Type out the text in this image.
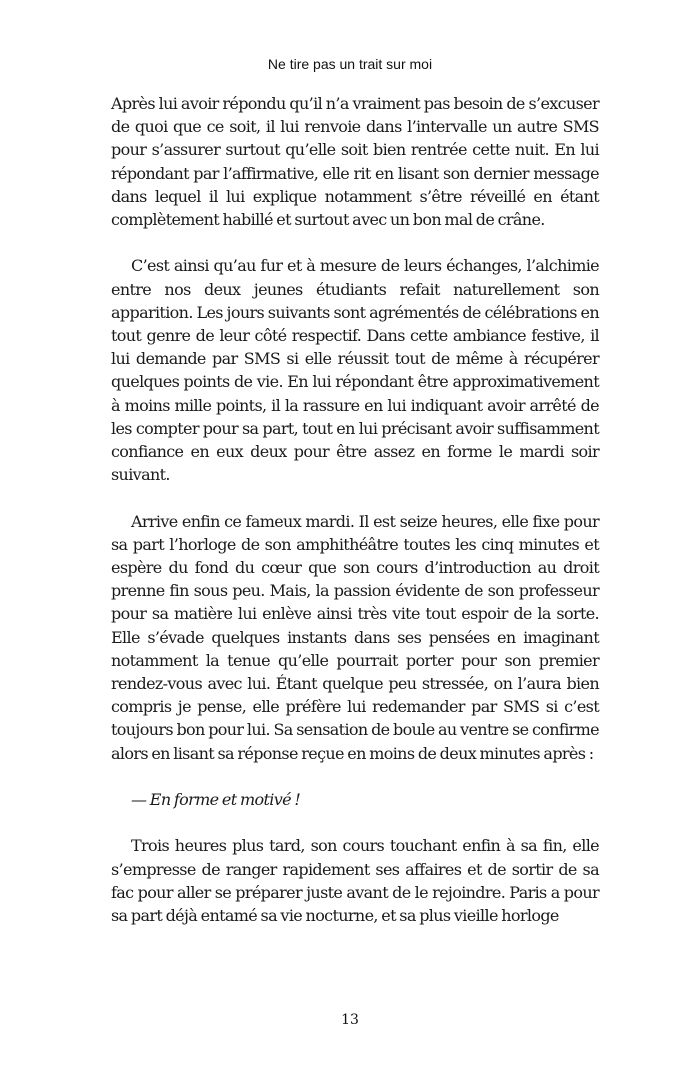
Ne tire pas un trait sur moi

Après lui avoir répondu qu’il n’a vraiment pas besoin de s’excuser de quoi que ce soit, il lui renvoie dans l’intervalle un autre SMS pour s’assurer surtout qu’elle soit bien rentrée cette nuit. En lui répondant par l’affirmative, elle rit en lisant son dernier message dans lequel il lui explique notamment s’être réveillé en étant complètement habillé et surtout avec un bon mal de crâne.

C’est ainsi qu’au fur et à mesure de leurs échanges, l’alchimie entre nos deux jeunes étudiants refait naturellement son apparition. Les jours suivants sont agrémentés de célébrations en tout genre de leur côté respectif. Dans cette ambiance festive, il lui demande par SMS si elle réussit tout de même à récupérer quelques points de vie. En lui répondant être approximativement à moins mille points, il la rassure en lui indiquant avoir arrêté de les compter pour sa part, tout en lui précisant avoir suffisamment confiance en eux deux pour être assez en forme le mardi soir suivant.

Arrive enfin ce fameux mardi. Il est seize heures, elle fixe pour sa part l’horloge de son amphithéâtre toutes les cinq minutes et espère du fond du cœur que son cours d’introduction au droit prenne fin sous peu. Mais, la passion évidente de son professeur pour sa matière lui enlève ainsi très vite tout espoir de la sorte. Elle s’évade quelques instants dans ses pensées en imaginant notamment la tenue qu’elle pourrait porter pour son premier rendez-vous avec lui. Étant quelque peu stressée, on l’aura bien compris je pense, elle préfère lui redemander par SMS si c’est toujours bon pour lui. Sa sensation de boule au ventre se confirme alors en lisant sa réponse reçue en moins de deux minutes après :

— En forme et motivé !

Trois heures plus tard, son cours touchant enfin à sa fin, elle s’empresse de ranger rapidement ses affaires et de sortir de sa fac pour aller se préparer juste avant de le rejoindre. Paris a pour sa part déjà entamé sa vie nocturne, et sa plus vieille horloge

13
